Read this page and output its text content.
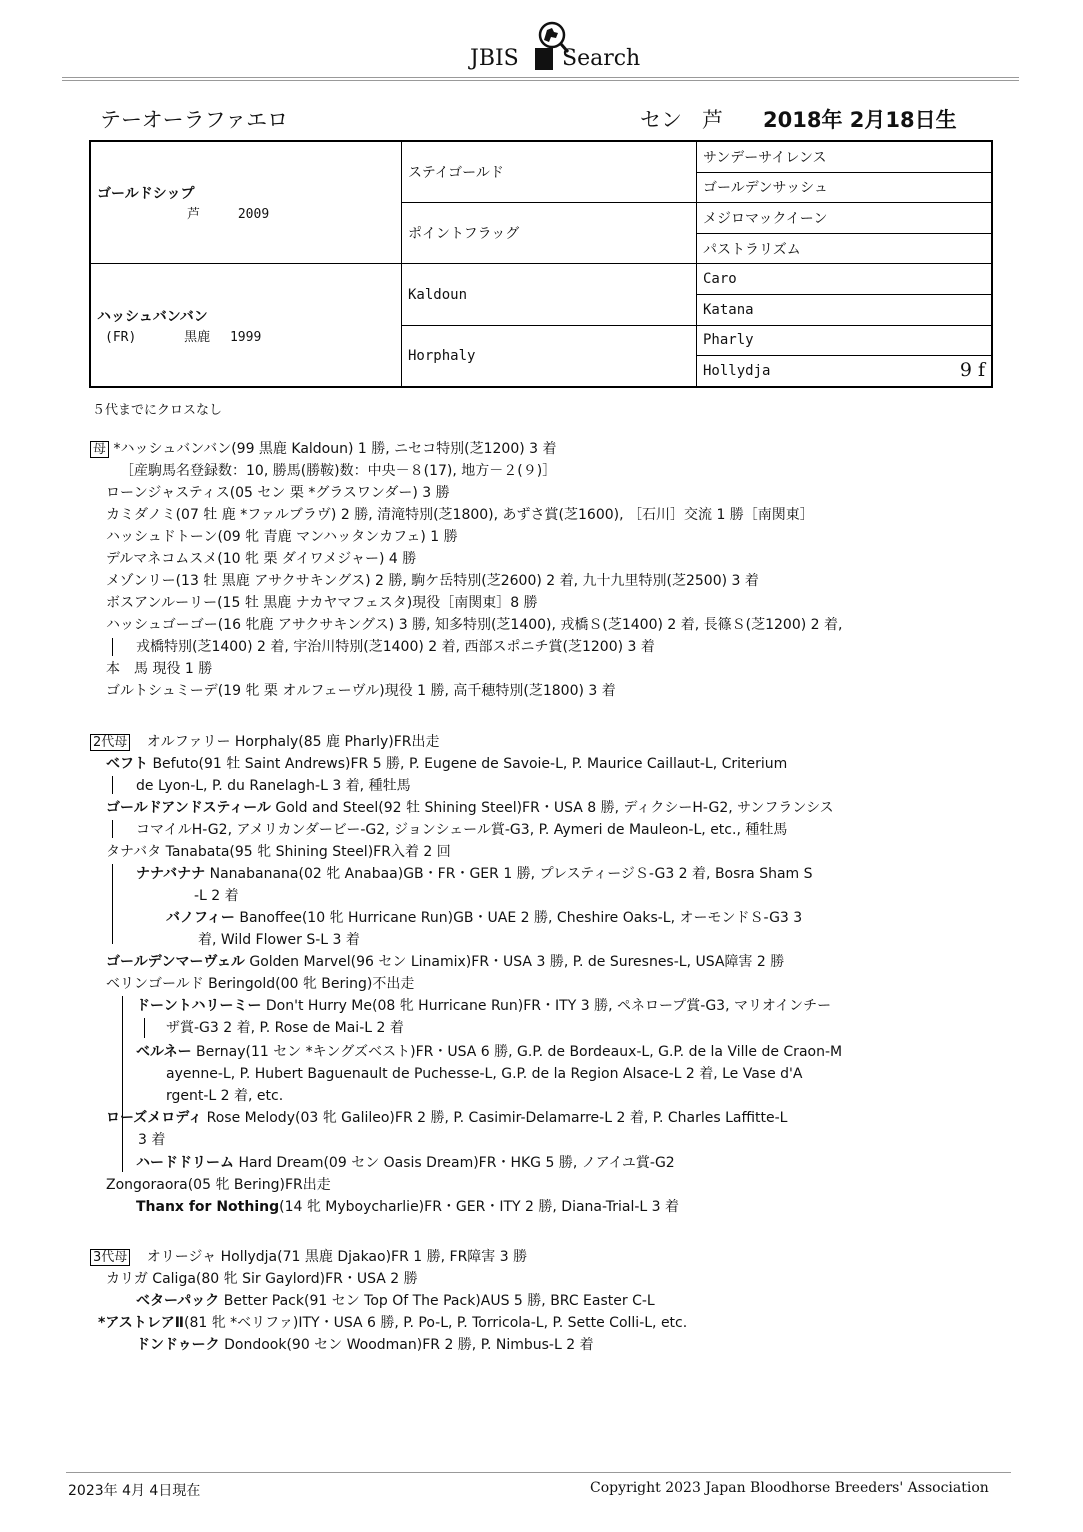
JBIS Search
テーオーラファエロ	セン 芦 2018年 2月18日生
ゴールドシップ
芦 2009	ステイゴールド	サンデーサイレンス
		ゴールデンサッシュ
	ポイントフラッグ	メジロマックイーン
		パストラリズム

ハッシュバンバン
(FR) 黒鹿 1999	Kaldoun	Caro
		Katana
	Horphaly	Pharly
		Hollydja 9 f
５代までにクロスなし
母 *ハッシュバンバン(99 黒鹿 Kaldoun) 1 勝, ニセコ特別(芝1200) 3 着
［産駒馬名登録数：10, 勝馬(勝鞍)数：中央－８(17), 地方－２(９)］
ローンジャスティス(05 セン 栗 *グラスワンダー) 3 勝
カミダノミ(07 牡 鹿 *ファルブラヴ) 2 勝, 清滝特別(芝1800), あずさ賞(芝1600), ［石川］交流 1 勝［南関東］
ハッシュドトーン(09 牝 青鹿 マンハッタンカフェ) 1 勝
デルマネコムスメ(10 牝 栗 ダイワメジャー) 4 勝
メゾンリー(13 牡 黒鹿 アサクサキングス) 2 勝, 駒ケ岳特別(芝2600) 2 着, 九十九里特別(芝2500) 3 着
ボスアンルーリー(15 牡 黒鹿 ナカヤマフェスタ)現役［南関東］8 勝
ハッシュゴーゴー(16 牝鹿 アサクサキングス) 3 勝, 知多特別(芝1400), 戎橋Ｓ(芝1400) 2 着, 長篠Ｓ(芝1200) 2 着,
戎橋特別(芝1400) 2 着, 宇治川特別(芝1400) 2 着, 西部スポニチ賞(芝1200) 3 着
本　馬 現役 1 勝
ゴルトシュミーデ(19 牝 栗 オルフェーヴル)現役 1 勝, 高千穂特別(芝1800) 3 着
2代母 オルファリー Horphaly(85 鹿 Pharly)FR出走
ベフト Befuto(91 牡 Saint Andrews)FR 5 勝, P. Eugene de Savoie-L, P. Maurice Caillaut-L, Criterium
de Lyon-L, P. du Ranelagh-L 3 着, 種牡馬
ゴールドアンドスティール Gold and Steel(92 牡 Shining Steel)FR・USA 8 勝, ディクシーH-G2, サンフランシス
コマイルH-G2, アメリカンダービー-G2, ジョンシェール賞-G3, P. Aymeri de Mauleon-L, etc., 種牡馬
タナバタ Tanabata(95 牝 Shining Steel)FR入着 2 回
ナナバナナ Nanabanana(02 牝 Anabaa)GB・FR・GER 1 勝, プレスティージＳ-G3 2 着, Bosra Sham S
-L 2 着
バノフィー Banoffee(10 牝 Hurricane Run)GB・UAE 2 勝, Cheshire Oaks-L, オーモンドＳ-G3 3
着, Wild Flower S-L 3 着
ゴールデンマーヴェル Golden Marvel(96 セン Linamix)FR・USA 3 勝, P. de Suresnes-L, USA障害 2 勝
ベリンゴールド Beringold(00 牝 Bering)不出走
ドーントハリーミー Don't Hurry Me(08 牝 Hurricane Run)FR・ITY 3 勝, ペネロープ賞-G3, マリオインチー
ザ賞-G3 2 着, P. Rose de Mai-L 2 着
ベルネー Bernay(11 セン *キングズベスト)FR・USA 6 勝, G.P. de Bordeaux-L, G.P. de la Ville de Craon-M
ayenne-L, P. Hubert Baguenault de Puchesse-L, G.P. de la Region Alsace-L 2 着, Le Vase d'A
rgent-L 2 着, etc.
ローズメロディ Rose Melody(03 牝 Galileo)FR 2 勝, P. Casimir-Delamarre-L 2 着, P. Charles Laffitte-L
3 着
ハードドリーム Hard Dream(09 セン Oasis Dream)FR・HKG 5 勝, ノアイユ賞-G2
Zongoraora(05 牝 Bering)FR出走
Thanx for Nothing(14 牝 Myboycharlie)FR・GER・ITY 2 勝, Diana-Trial-L 3 着
3代母 オリージャ Hollydja(71 黒鹿 Djakao)FR 1 勝, FR障害 3 勝
カリガ Caliga(80 牝 Sir Gaylord)FR・USA 2 勝
ベターパック Better Pack(91 セン Top Of The Pack)AUS 5 勝, BRC Easter C-L
*アストレアⅡ(81 牝 *ベリファ)ITY・USA 6 勝, P. Po-L, P. Torricola-L, P. Sette Colli-L, etc.
ドンドゥーク Dondook(90 セン Woodman)FR 2 勝, P. Nimbus-L 2 着
2023年 4月 4日現在	Copyright 2023 Japan Bloodhorse Breeders' Association
